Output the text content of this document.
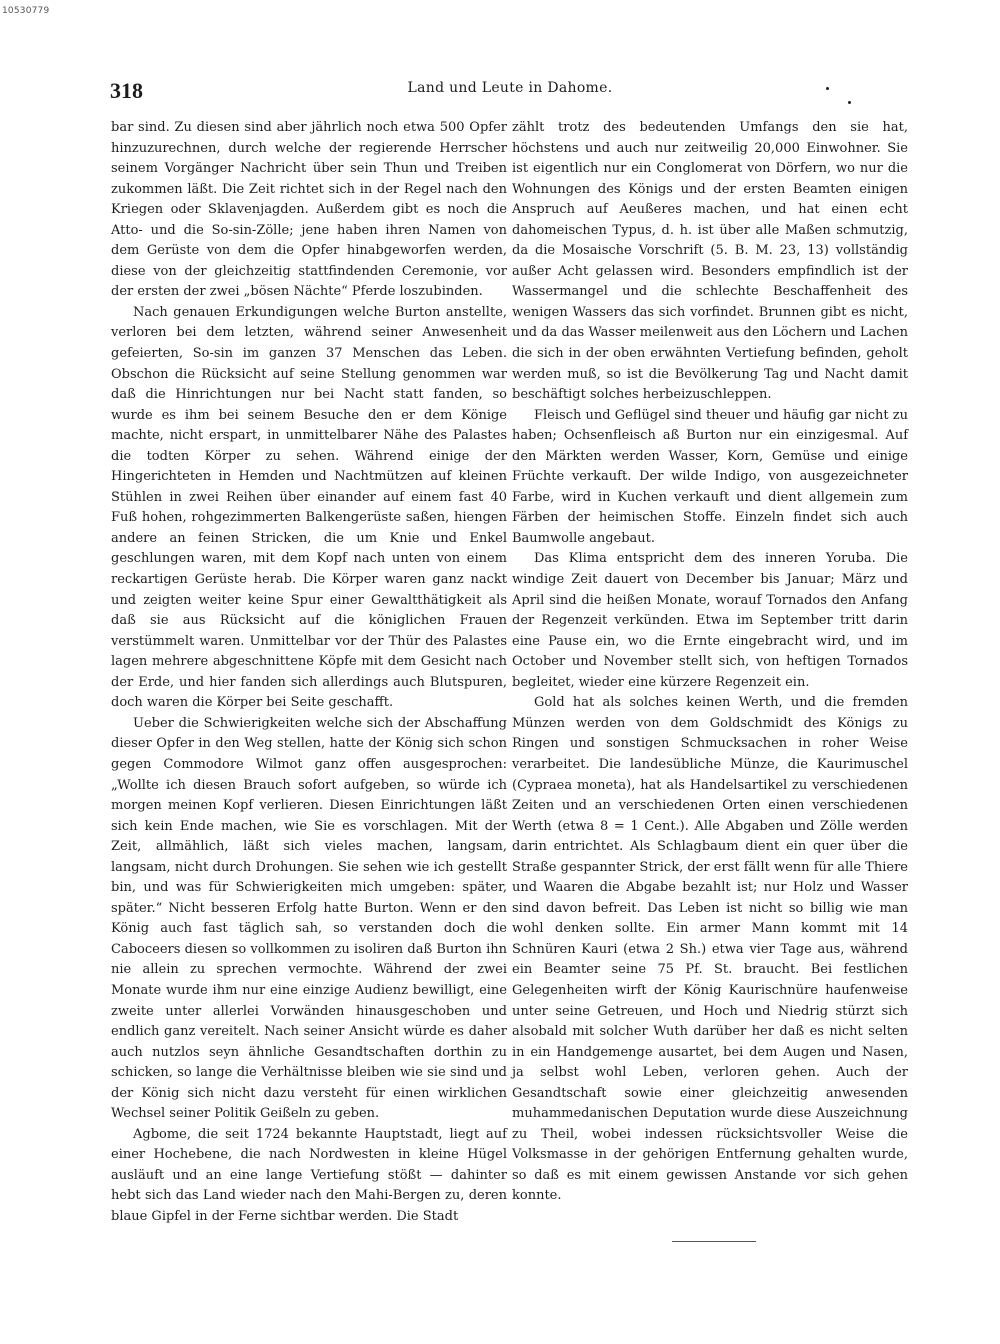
10530779
318	Land und Leute in Dahome.

bar sind. Zu diesen sind aber jährlich noch etwa 500 Opfer hinzuzurechnen, durch welche der regierende Herrscher seinem Vorgänger Nachricht über sein Thun und Treiben zukommen läßt. Die Zeit richtet sich in der Regel nach den Kriegen oder Sklavenjagden. Außerdem gibt es noch die Atto- und die So-sin-Zölle; jene haben ihren Namen von dem Gerüste von dem die Opfer hinabgeworfen werden, diese von der gleichzeitig stattfindenden Ceremonie, vor der ersten der zwei „bösen Nächte“ Pferde loszubinden.

Nach genauen Erkundigungen welche Burton anstellte, verloren bei dem letzten, während seiner Anwesenheit gefeierten, So-sin im ganzen 37 Menschen das Leben. Obschon die Rücksicht auf seine Stellung genommen war daß die Hinrichtungen nur bei Nacht statt fanden, so wurde es ihm bei seinem Besuche den er dem Könige machte, nicht erspart, in unmittelbarer Nähe des Palastes die todten Körper zu sehen. Während einige der Hingerichteten in Hemden und Nachtmützen auf kleinen Stühlen in zwei Reihen über einander auf einem fast 40 Fuß hohen, rohgezimmerten Balkengerüste saßen, hiengen andere an feinen Stricken, die um Knie und Enkel geschlungen waren, mit dem Kopf nach unten von einem reckartigen Gerüste herab. Die Körper waren ganz nackt und zeigten weiter keine Spur einer Gewaltthätigkeit als daß sie aus Rücksicht auf die königlichen Frauen verstümmelt waren. Unmittelbar vor der Thür des Palastes lagen mehrere abgeschnittene Köpfe mit dem Gesicht nach der Erde, und hier fanden sich allerdings auch Blutspuren, doch waren die Körper bei Seite geschafft.

Ueber die Schwierigkeiten welche sich der Abschaffung dieser Opfer in den Weg stellen, hatte der König sich schon gegen Commodore Wilmot ganz offen ausgesprochen: „Wollte ich diesen Brauch sofort aufgeben, so würde ich morgen meinen Kopf verlieren. Diesen Einrichtungen läßt sich kein Ende machen, wie Sie es vorschlagen. Mit der Zeit, allmählich, läßt sich vieles machen, langsam, langsam, nicht durch Drohungen. Sie sehen wie ich gestellt bin, und was für Schwierigkeiten mich umgeben: später, später.“ Nicht besseren Erfolg hatte Burton. Wenn er den König auch fast täglich sah, so verstanden doch die Caboceers diesen so vollkommen zu isoliren daß Burton ihn nie allein zu sprechen vermochte. Während der zwei Monate wurde ihm nur eine einzige Audienz bewilligt, eine zweite unter allerlei Vorwänden hinausgeschoben und endlich ganz vereitelt. Nach seiner Ansicht würde es daher auch nutzlos seyn ähnliche Gesandtschaften dorthin zu schicken, so lange die Verhältnisse bleiben wie sie sind und der König sich nicht dazu versteht für einen wirklichen Wechsel seiner Politik Geißeln zu geben.

Agbome, die seit 1724 bekannte Hauptstadt, liegt auf einer Hochebene, die nach Nordwesten in kleine Hügel ausläuft und an eine lange Vertiefung stößt — dahinter hebt sich das Land wieder nach den Mahi-Bergen zu, deren blaue Gipfel in der Ferne sichtbar werden. Die Stadt

zählt trotz des bedeutenden Umfangs den sie hat, höchstens und auch nur zeitweilig 20,000 Einwohner. Sie ist eigentlich nur ein Conglomerat von Dörfern, wo nur die Wohnungen des Königs und der ersten Beamten einigen Anspruch auf Aeußeres machen, und hat einen echt dahomeischen Typus, d. h. ist über alle Maßen schmutzig, da die Mosaische Vorschrift (5. B. M. 23, 13) vollständig außer Acht gelassen wird. Besonders empfindlich ist der Wassermangel und die schlechte Beschaffenheit des wenigen Wassers das sich vorfindet. Brunnen gibt es nicht, und da das Wasser meilenweit aus den Löchern und Lachen die sich in der oben erwähnten Vertiefung befinden, geholt werden muß, so ist die Bevölkerung Tag und Nacht damit beschäftigt solches herbeizuschleppen.

Fleisch und Geflügel sind theuer und häufig gar nicht zu haben; Ochsenfleisch aß Burton nur ein einzigesmal. Auf den Märkten werden Wasser, Korn, Gemüse und einige Früchte verkauft. Der wilde Indigo, von ausgezeichneter Farbe, wird in Kuchen verkauft und dient allgemein zum Färben der heimischen Stoffe. Einzeln findet sich auch Baumwolle angebaut.

Das Klima entspricht dem des inneren Yoruba. Die windige Zeit dauert von December bis Januar; März und April sind die heißen Monate, worauf Tornados den Anfang der Regenzeit verkünden. Etwa im September tritt darin eine Pause ein, wo die Ernte eingebracht wird, und im October und November stellt sich, von heftigen Tornados begleitet, wieder eine kürzere Regenzeit ein.

Gold hat als solches keinen Werth, und die fremden Münzen werden von dem Goldschmidt des Königs zu Ringen und sonstigen Schmucksachen in roher Weise verarbeitet. Die landesübliche Münze, die Kaurimuschel (Cypraea moneta), hat als Handelsartikel zu verschiedenen Zeiten und an verschiedenen Orten einen verschiedenen Werth (etwa 8 = 1 Cent.). Alle Abgaben und Zölle werden darin entrichtet. Als Schlagbaum dient ein quer über die Straße gespannter Strick, der erst fällt wenn für alle Thiere und Waaren die Abgabe bezahlt ist; nur Holz und Wasser sind davon befreit. Das Leben ist nicht so billig wie man wohl denken sollte. Ein armer Mann kommt mit 14 Schnüren Kauri (etwa 2 Sh.) etwa vier Tage aus, während ein Beamter seine 75 Pf. St. braucht. Bei festlichen Gelegenheiten wirft der König Kaurischnüre haufenweise unter seine Getreuen, und Hoch und Niedrig stürzt sich alsobald mit solcher Wuth darüber her daß es nicht selten in ein Handgemenge ausartet, bei dem Augen und Nasen, ja selbst wohl Leben, verloren gehen. Auch der Gesandtschaft sowie einer gleichzeitig anwesenden muhammedanischen Deputation wurde diese Auszeichnung zu Theil, wobei indessen rücksichtsvoller Weise die Volksmasse in der gehörigen Entfernung gehalten wurde, so daß es mit einem gewissen Anstande vor sich gehen konnte.
